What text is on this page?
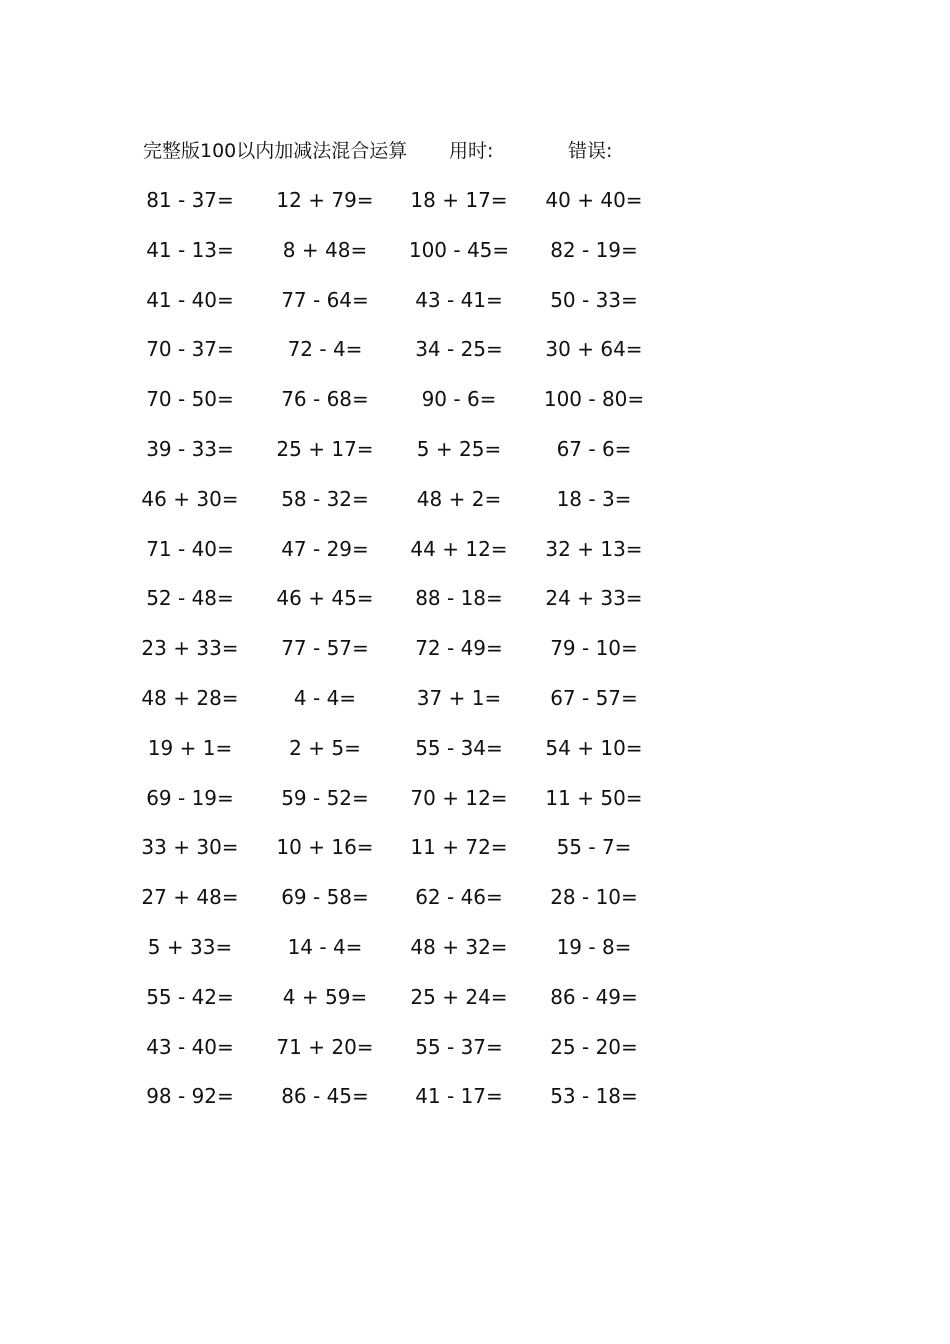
完整版100以内加减法混合运算 用时:	错误:
81 - 37=	12 + 79=	18 + 17=	40 + 40=
41 - 13=	8 + 48=	100 - 45=	82 - 19=
41 - 40=	77 - 64=	43 - 41=	50 - 33=
70 - 37=	72 - 4=	34 - 25=	30 + 64=
70 - 50=	76 - 68=	90 - 6=	100 - 80=
39 - 33=	25 + 17=	5 + 25=	67 - 6=
46 + 30=	58 - 32=	48 + 2=	18 - 3=
71 - 40=	47 - 29=	44 + 12=	32 + 13=
52 - 48=	46 + 45=	88 - 18=	24 + 33=
23 + 33=	77 - 57=	72 - 49=	79 - 10=
48 + 28=	4 - 4=	37 + 1=	67 - 57=
19 + 1=	2 + 5=	55 - 34=	54 + 10=
69 - 19=	59 - 52=	70 + 12=	11 + 50=
33 + 30=	10 + 16=	11 + 72=	55 - 7=
27 + 48=	69 - 58=	62 - 46=	28 - 10=
5 + 33=	14 - 4=	48 + 32=	19 - 8=
55 - 42=	4 + 59=	25 + 24=	86 - 49=
43 - 40=	71 + 20=	55 - 37=	25 - 20=
98 - 92=	86 - 45=	41 - 17=	53 - 18=
